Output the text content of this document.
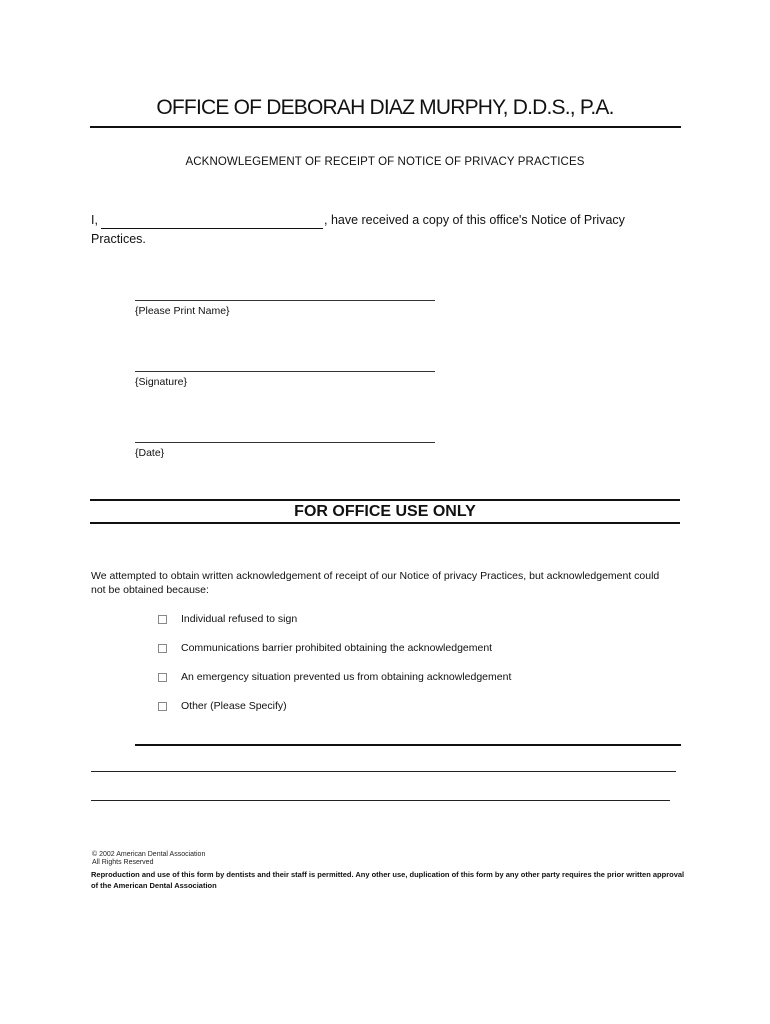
OFFICE OF DEBORAH DIAZ MURPHY, D.D.S., P.A.
ACKNOWLEGEMENT OF RECEIPT OF NOTICE OF PRIVACY PRACTICES
I,	, have received a copy of this office's Notice of Privacy
Practices.
{Please Print Name}
{Signature}
{Date}
FOR OFFICE USE ONLY
We attempted to obtain written acknowledgement of receipt of our Notice of privacy Practices, but acknowledgement could
not be obtained because:
Individual refused to sign
Communications barrier prohibited obtaining the acknowledgement
An emergency situation prevented us from obtaining acknowledgement
Other (Please Specify)
© 2002 American Dental Association
All Rights Reserved
Reproduction and use of this form by dentists and their staff is permitted. Any other use, duplication of this form by any other party requires the prior written approval of the American Dental Association
